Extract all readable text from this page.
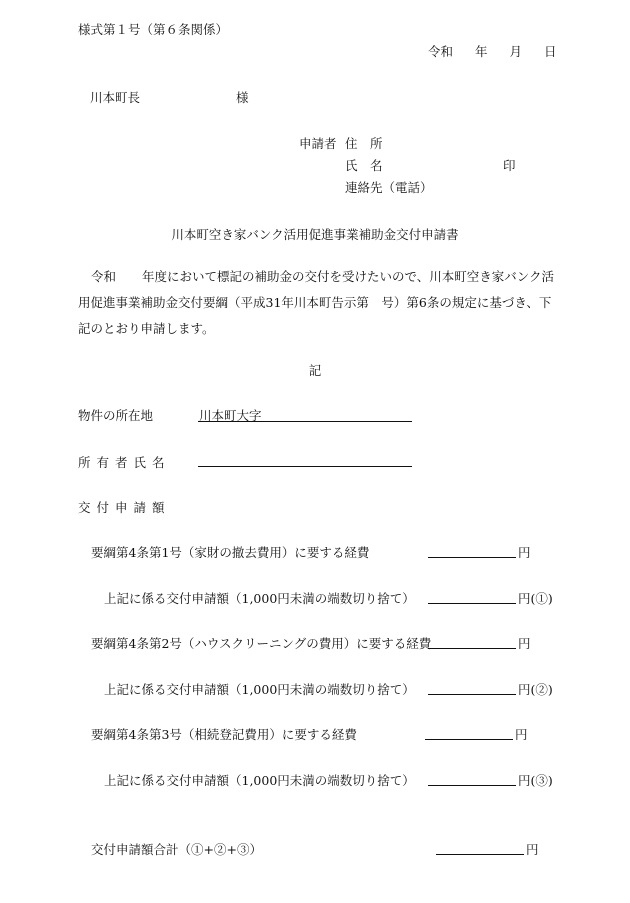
様式第１号（第６条関係）
令和 年 月 日
川本町長	様
申請者 住　所
氏　名	印
連絡先（電話）
川本町空き家バンク活用促進事業補助金交付申請書
令和 年度において標記の補助金の交付を受けたいので、川本町空き家バンク活用促進事業補助金交付要綱（平成31年川本町告示第　号）第6条の規定に基づき、下記のとおり申請します。
記
物件の所在地	川本町大字
所有者氏名
交付申請額
要綱第4条第1号（家財の撤去費用）に要する経費	円
上記に係る交付申請額（1,000円未満の端数切り捨て）	円(①)
要綱第4条第2号（ハウスクリーニングの費用）に要する経費	円
上記に係る交付申請額（1,000円未満の端数切り捨て）	円(②)
要綱第4条第3号（相続登記費用）に要する経費	円
上記に係る交付申請額（1,000円未満の端数切り捨て）	円(③)
交付申請額合計（①+②+③）	円
